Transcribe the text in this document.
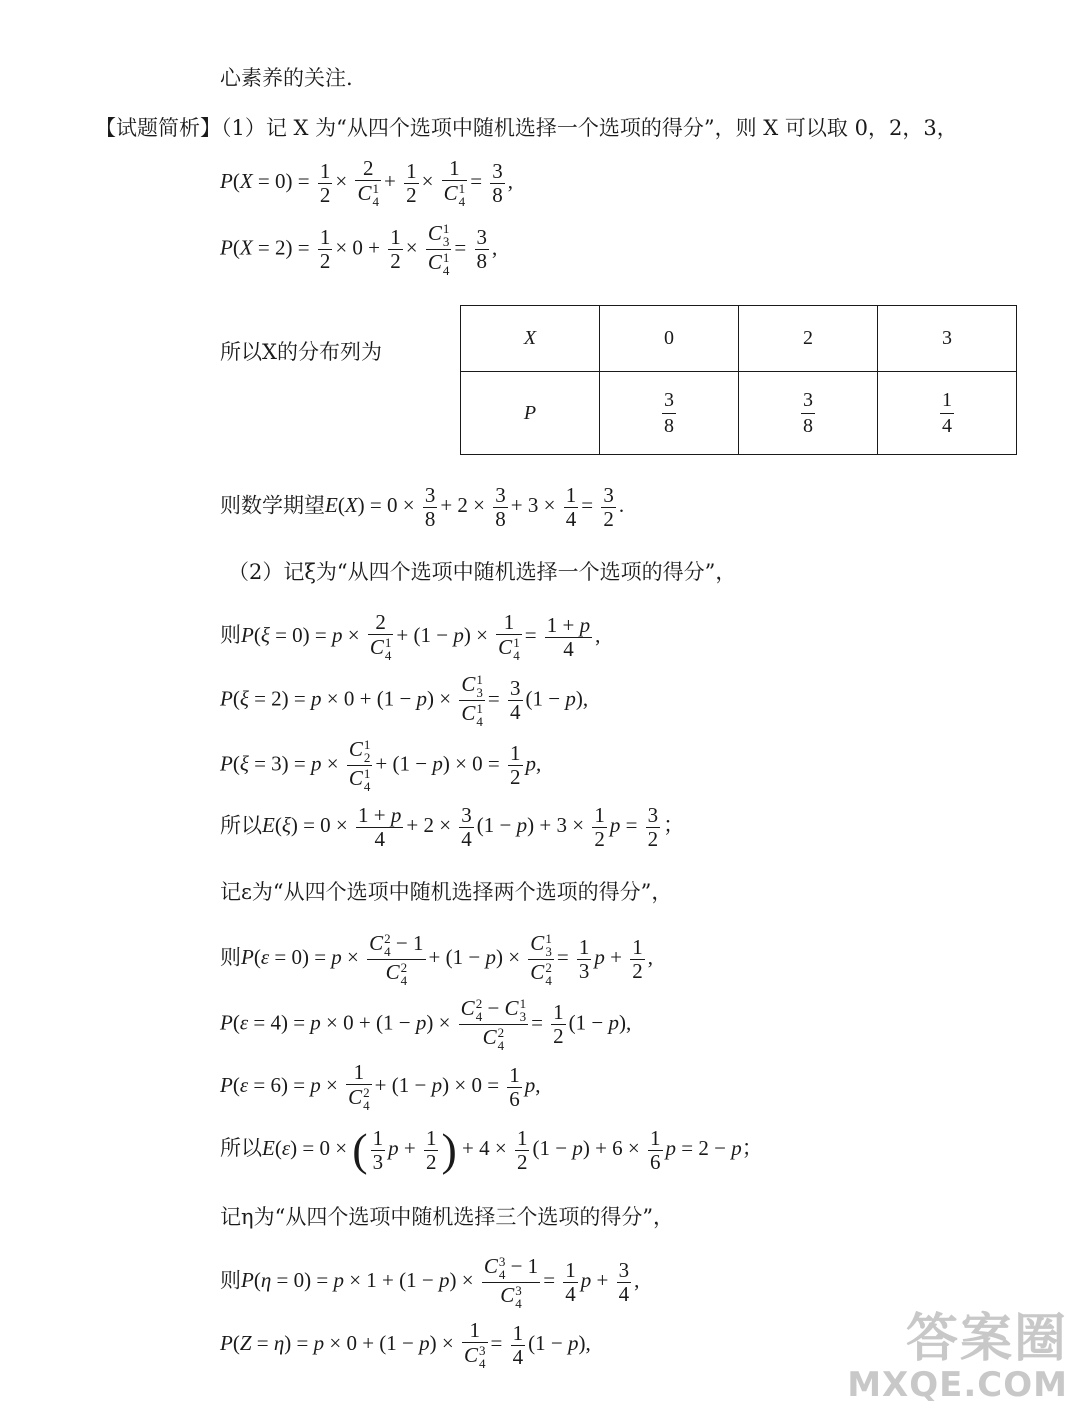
心素养的关注.
【试题简析】（1）记 X 为“从四个选项中随机选择一个选项的得分”，则 X 可以取 0，2，3，
$P(X = 0) = \frac{1}{2} \times 2$
C 1
$4 + \frac{1}{2} \times 1$
C 1
$4 = \frac{3}{8}$ ,
$P(X = 2) = \frac{1}{2} \times 0 + \frac{1}{2} \times C$ 1
3
C 1
$4 = \frac{3}{8}$ ,
所以X的分布列为
X	0	2	3
P	$\frac{3}{8}$	$\frac{3}{8}$	$\frac{1}{4}$
则数学期望$E(X) = 0 \times \frac{3}{8} + 2 \times \frac{3}{8} + 3 \times \frac{1}{4} = \frac{3}{2}$ .
（2）记ξ为“从四个选项中随机选择一个选项的得分”，
则P(ξ = 0) = p × 2
C 1
4 + (1 − p) × 1
C 1
$4 = \frac{1 + p}{4}$ ,
P(ξ = 2) = p × 0 + (1 − p) × C 1
3
C 1
$4 = \frac{3}{4} (1 - p)$,
P(ξ = 3) = p × C 1
2
C 1
$4 + (1 - p) \times 0 = \frac{1}{2} p$,
所以$E(\xi) = 0 \times \frac{1 + p}{4} + 2 \times \frac{3}{4} (1 - p) + 3 \times \frac{1}{2}$ $p = \frac{3}{2}$ ；
记ε为“从四个选项中随机选择两个选项的得分”，
则P(ε = 0) = p × C 2
4 − 1
C 2
4 + (1 − p) × C 1
3
C 2
$4 = \frac{1}{3}$ $p + \frac{1}{2}$ ,
P(ε = 4) = p × 0 + (1 − p) × C 2
4 − C 1
3
C 2
$4 = \frac{1}{2} (1 - p)$,
P(ε = 6) = p × 1
C 2
$4 + (1 - p) \times 0 = \frac{1}{6} p$,
所以E(ε) = 0 × ( $\frac{1}{3}$ $p + \frac{1}{2}$ ) + $4 \times \frac{1}{2} (1 - p) + 6 \times \frac{1}{6}$ p = 2 − p；
记η为“从四个选项中随机选择三个选项的得分”，
则P(η = 0) = p × 1 + (1 − p) × C 3
4 − 1
C 3
$4 = \frac{1}{4}$ $p + \frac{3}{4}$ ,
P(Z = η) = p × 0 + (1 − p) × 1
C 3
$4 = \frac{1}{4} (1 - p)$,	答案圈
MXQE.COM
